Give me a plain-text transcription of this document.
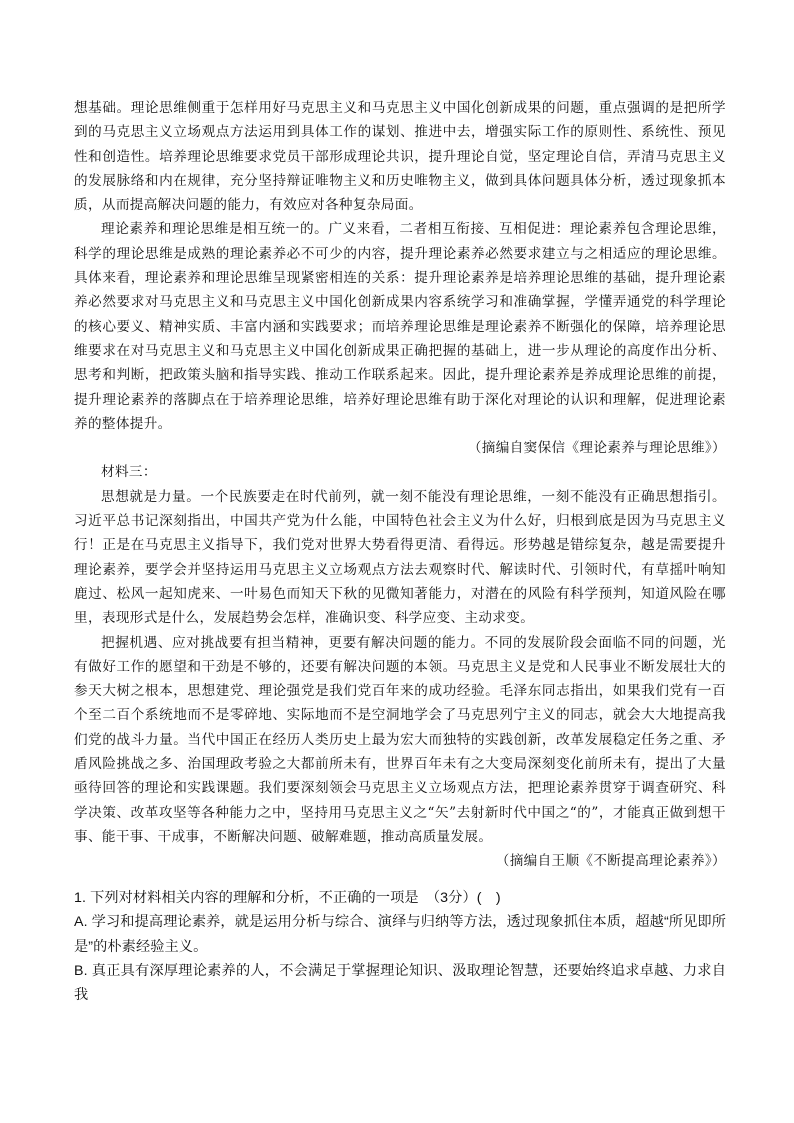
想基础。理论思维侧重于怎样用好马克思主义和马克思主义中国化创新成果的问题，重点强调的是把所学到的马克思主义立场观点方法运用到具体工作的谋划、推进中去，增强实际工作的原则性、系统性、预见性和创造性。培养理论思维要求党员干部形成理论共识，提升理论自觉，坚定理论自信，弄清马克思主义的发展脉络和内在规律，充分坚持辩证唯物主义和历史唯物主义，做到具体问题具体分析，透过现象抓本质，从而提高解决问题的能力，有效应对各种复杂局面。

理论素养和理论思维是相互统一的。广义来看，二者相互衔接、互相促进：理论素养包含理论思维，科学的理论思维是成熟的理论素养必不可少的内容，提升理论素养必然要求建立与之相适应的理论思维。具体来看，理论素养和理论思维呈现紧密相连的关系：提升理论素养是培养理论思维的基础，提升理论素养必然要求对马克思主义和马克思主义中国化创新成果内容系统学习和准确掌握，学懂弄通党的科学理论的核心要义、精神实质、丰富内涵和实践要求；而培养理论思维是理论素养不断强化的保障，培养理论思维要求在对马克思主义和马克思主义中国化创新成果正确把握的基础上，进一步从理论的高度作出分析、思考和判断，把政策头脑和指导实践、推动工作联系起来。因此，提升理论素养是养成理论思维的前提，提升理论素养的落脚点在于培养理论思维，培养好理论思维有助于深化对理论的认识和理解，促进理论素养的整体提升。

（摘编自窦保信《理论素养与理论思维》）

材料三：

思想就是力量。一个民族要走在时代前列，就一刻不能没有理论思维，一刻不能没有正确思想指引。习近平总书记深刻指出，中国共产党为什么能，中国特色社会主义为什么好，归根到底是因为马克思主义行！正是在马克思主义指导下，我们党对世界大势看得更清、看得远。形势越是错综复杂，越是需要提升理论素养，要学会并坚持运用马克思主义立场观点方法去观察时代、解读时代、引领时代，有草摇叶响知鹿过、松风一起知虎来、一叶易色而知天下秋的见微知著能力，对潜在的风险有科学预判，知道风险在哪里，表现形式是什么，发展趋势会怎样，准确识变、科学应变、主动求变。

把握机遇、应对挑战要有担当精神，更要有解决问题的能力。不同的发展阶段会面临不同的问题，光有做好工作的愿望和干劲是不够的，还要有解决问题的本领。马克思主义是党和人民事业不断发展壮大的参天大树之根本，思想建党、理论强党是我们党百年来的成功经验。毛泽东同志指出，如果我们党有一百个至二百个系统地而不是零碎地、实际地而不是空洞地学会了马克思列宁主义的同志，就会大大地提高我们党的战斗力量。当代中国正在经历人类历史上最为宏大而独特的实践创新，改革发展稳定任务之重、矛盾风险挑战之多、治国理政考验之大都前所未有，世界百年未有之大变局深刻变化前所未有，提出了大量亟待回答的理论和实践课题。我们要深刻领会马克思主义立场观点方法，把理论素养贯穿于调查研究、科学决策、改革攻坚等各种能力之中，坚持用马克思主义之“矢”去射新时代中国之“的”，才能真正做到想干事、能干事、干成事，不断解决问题、破解难题，推动高质量发展。

（摘编自王顺《不断提高理论素养》）

1. 下列对材料相关内容的理解和分析，不正确的一项是　（3分）(　)

A. 学习和提高理论素养，就是运用分析与综合、演绎与归纳等方法，透过现象抓住本质，超越“所见即所是”的朴素经验主义。

B. 真正具有深厚理论素养的人，不会满足于掌握理论知识、汲取理论智慧，还要始终追求卓越、力求自我
